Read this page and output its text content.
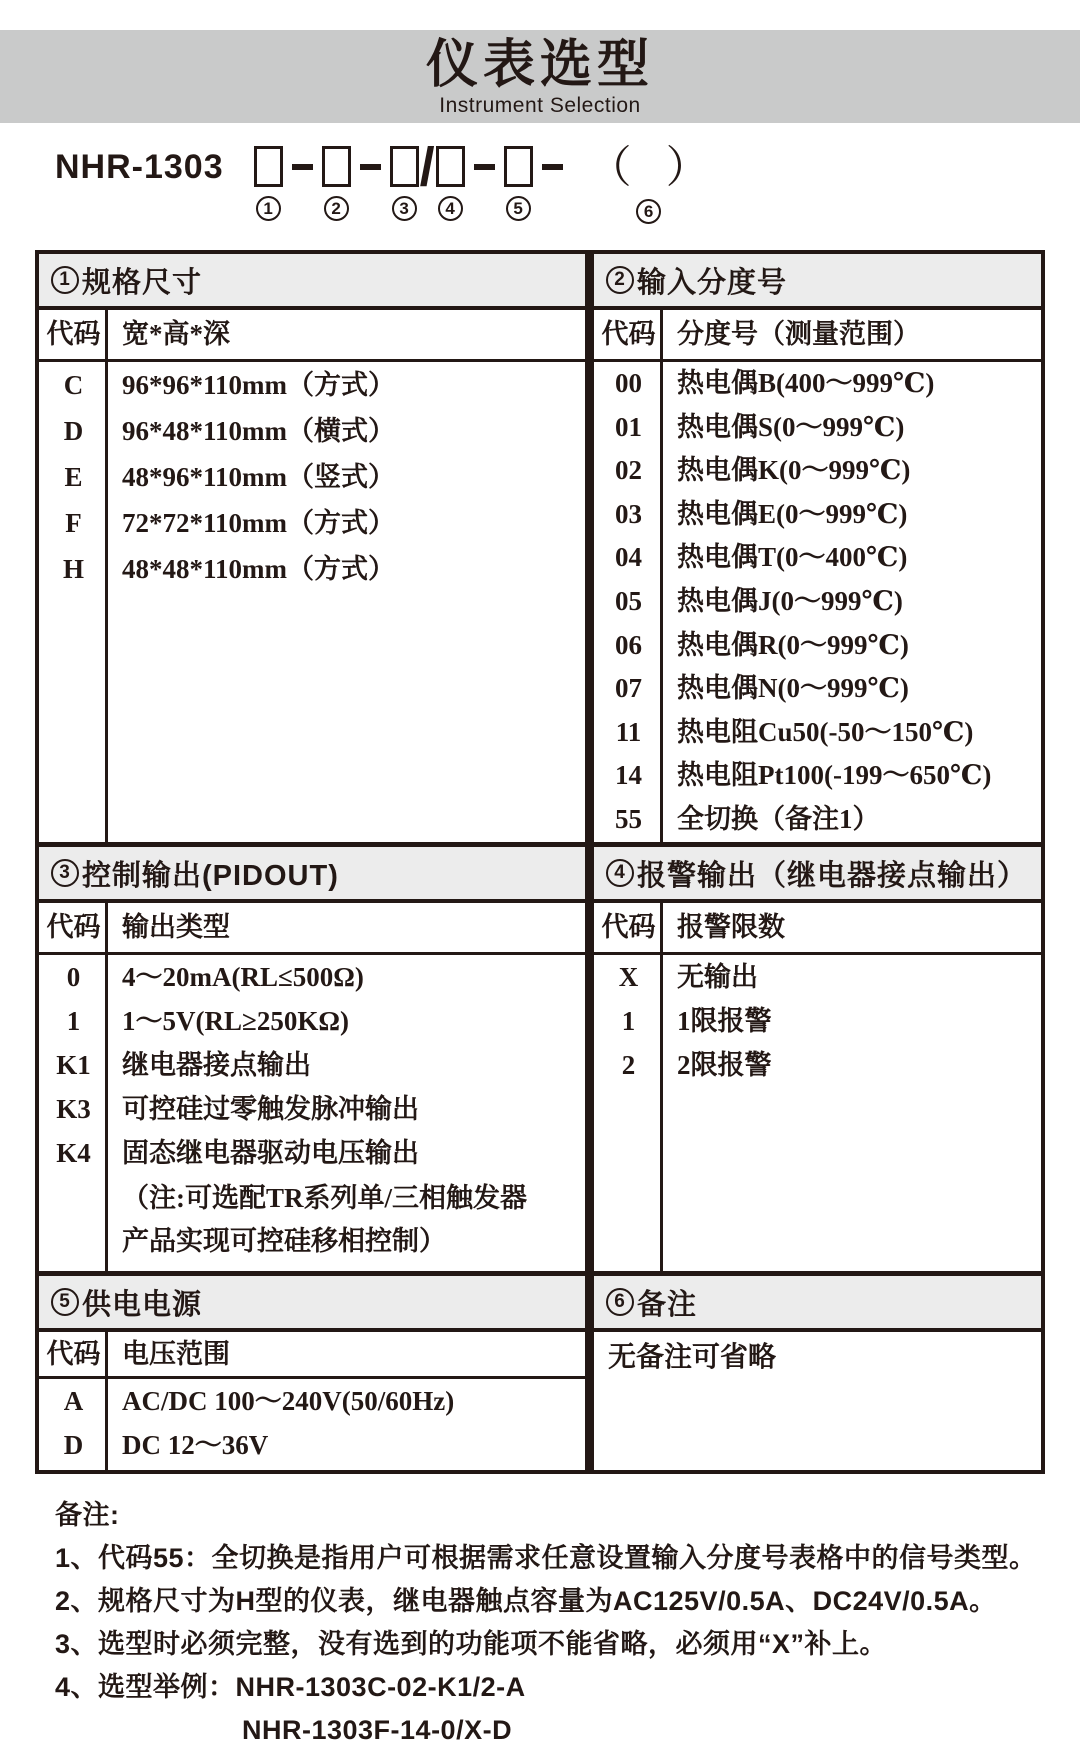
仪表选型
Instrument Selection
NHR-1303
1	2	3
/
4	5
（ ）
6
1 规格尺寸
代码 宽*高*深
C	96*96*110mm（方式）
D	96*48*110mm（横式）
E	48*96*110mm（竖式）
F	72*72*110mm（方式）
H	48*48*110mm（方式）
2 输入分度号
代码 分度号（测量范围）
00	热电偶B(400～999℃)
01	热电偶S(0～999℃)
02	热电偶K(0～999℃)
03	热电偶E(0～999℃)
04	热电偶T(0～400℃)
05	热电偶J(0～999℃)
06	热电偶R(0～999℃)
07	热电偶N(0～999℃)
11	热电阻Cu50(-50～150℃)
14	热电阻Pt100(-199～650℃)
55	全切换（备注1）
3 控制输出(PIDOUT)
代码 输出类型
0	4～20mA(RL≤500Ω)
1	1～5V(RL≥250KΩ)
K1	继电器接点输出
K3	可控硅过零触发脉冲输出
K4	固态继电器驱动电压输出
（注:可选配TR系列单/三相触发器产品实现可控硅移相控制）
4 报警输出（继电器接点输出）
代码 报警限数
X	无输出
1	1限报警
2	2限报警
5 供电电源
代码 电压范围
A	AC/DC 100～240V(50/60Hz)
D	DC 12～36V
6 备注
无备注可省略
备注:
1、代码55：全切换是指用户可根据需求任意设置输入分度号表格中的信号类型。
2、规格尺寸为H型的仪表，继电器触点容量为AC125V/0.5A、DC24V/0.5A。
3、选型时必须完整，没有选到的功能项不能省略，必须用“X”补上。
4、选型举例：NHR-1303C-02-K1/2-A
NHR-1303F-14-0/X-D
